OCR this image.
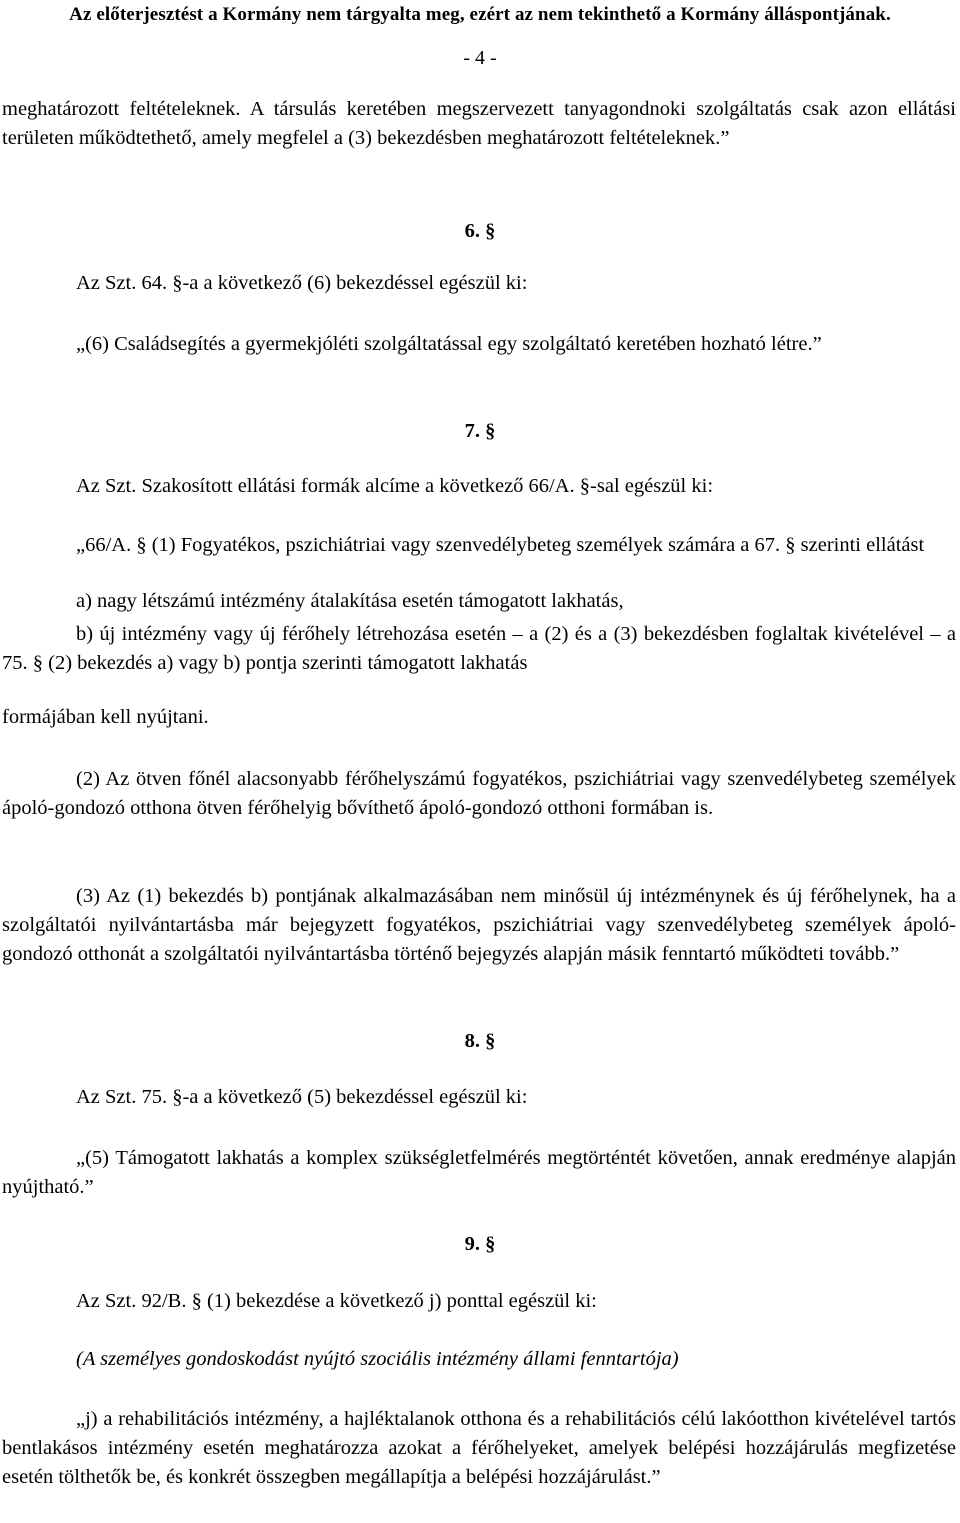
Az előterjesztést a Kormány nem tárgyalta meg, ezért az nem tekinthető a Kormány álláspontjának.
- 4 -
meghatározott feltételeknek. A társulás keretében megszervezett tanyagondnoki szolgáltatás csak azon ellátási területen működtethető, amely megfelel a (3) bekezdésben meghatározott feltételeknek.”
6. §
Az Szt. 64. §-a a következő (6) bekezdéssel egészül ki:
„(6) Családsegítés a gyermekjóléti szolgáltatással egy szolgáltató keretében hozható létre.”
7. §
Az Szt. Szakosított ellátási formák alcíme a következő 66/A. §-sal egészül ki:
„66/A. § (1) Fogyatékos, pszichiátriai vagy szenvedélybeteg személyek számára a 67. § szerinti ellátást
a) nagy létszámú intézmény átalakítása esetén támogatott lakhatás,
b) új intézmény vagy új férőhely létrehozása esetén – a (2) és a (3) bekezdésben foglaltak kivételével – a 75. § (2) bekezdés a) vagy b) pontja szerinti támogatott lakhatás
formájában kell nyújtani.
(2) Az ötven főnél alacsonyabb férőhelyszámú fogyatékos, pszichiátriai vagy szenvedélybeteg személyek ápoló-gondozó otthona ötven férőhelyig bővíthető ápoló-gondozó otthoni formában is.
(3) Az (1) bekezdés b) pontjának alkalmazásában nem minősül új intézménynek és új férőhelynek, ha a szolgáltatói nyilvántartásba már bejegyzett fogyatékos, pszichiátriai vagy szenvedélybeteg személyek ápoló-gondozó otthonát a szolgáltatói nyilvántartásba történő bejegyzés alapján másik fenntartó működteti tovább.”
8. §
Az Szt. 75. §-a a következő (5) bekezdéssel egészül ki:
„(5) Támogatott lakhatás a komplex szükségletfelmérés megtörténtét követően, annak eredménye alapján nyújtható.”
9. §
Az Szt. 92/B. § (1) bekezdése a következő j) ponttal egészül ki:
(A személyes gondoskodást nyújtó szociális intézmény állami fenntartója)
„j) a rehabilitációs intézmény, a hajléktalanok otthona és a rehabilitációs célú lakóotthon kivételével tartós bentlakásos intézmény esetén meghatározza azokat a férőhelyeket, amelyek belépési hozzájárulás megfizetése esetén tölthetők be, és konkrét összegben megállapítja a belépési hozzájárulást.”
